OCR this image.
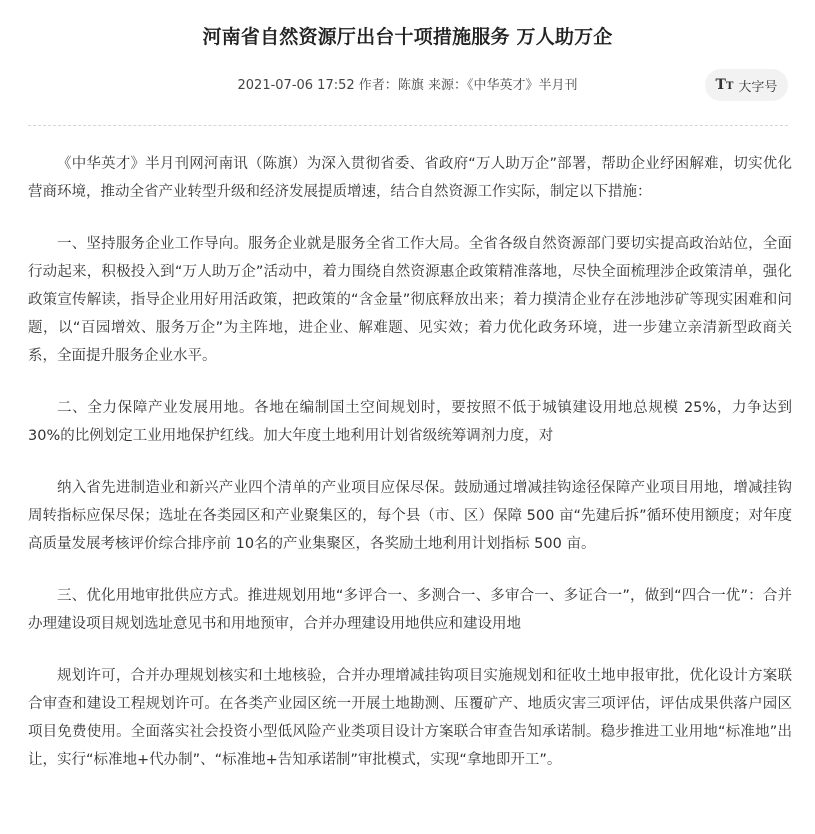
河南省自然资源厅出台十项措施服务 万人助万企
2021-07-06 17:52 作者：陈旗 来源：《中华英才》半月刊	TT 大字号

《中华英才》半月刊网河南讯（陈旗）为深入贯彻省委、省政府“万人助万企”部署，帮助企业纾困解难，切实优化营商环境，推动全省产业转型升级和经济发展提质增速，结合自然资源工作实际，制定以下措施：

一、坚持服务企业工作导向。服务企业就是服务全省工作大局。全省各级自然资源部门要切实提高政治站位，全面行动起来，积极投入到“万人助万企”活动中，着力围绕自然资源惠企政策精准落地，尽快全面梳理涉企政策清单，强化政策宣传解读，指导企业用好用活政策，把政策的“含金量”彻底释放出来；着力摸清企业存在涉地涉矿等现实困难和问题，以“百园增效、服务万企”为主阵地，进企业、解难题、见实效；着力优化政务环境，进一步建立亲清新型政商关系，全面提升服务企业水平。

二、全力保障产业发展用地。各地在编制国土空间规划时，要按照不低于城镇建设用地总规模 25%，力争达到 30%的比例划定工业用地保护红线。加大年度土地利用计划省级统筹调剂力度，对

纳入省先进制造业和新兴产业四个清单的产业项目应保尽保。鼓励通过增减挂钩途径保障产业项目用地，增减挂钩周转指标应保尽保；选址在各类园区和产业聚集区的，每个县（市、区）保障 500 亩“先建后拆”循环使用额度；对年度高质量发展考核评价综合排序前 10名的产业集聚区，各奖励土地利用计划指标 500 亩。

三、优化用地审批供应方式。推进规划用地“多评合一、多测合一、多审合一、多证合一”，做到“四合一优”：合并办理建设项目规划选址意见书和用地预审，合并办理建设用地供应和建设用地

规划许可，合并办理规划核实和土地核验，合并办理增减挂钩项目实施规划和征收土地申报审批，优化设计方案联合审查和建设工程规划许可。在各类产业园区统一开展土地勘测、压覆矿产、地质灾害三项评估，评估成果供落户园区项目免费使用。全面落实社会投资小型低风险产业类项目设计方案联合审查告知承诺制。稳步推进工业用地“标准地”出让，实行“标准地+代办制”、“标准地+告知承诺制”审批模式，实现“拿地即开工”。
